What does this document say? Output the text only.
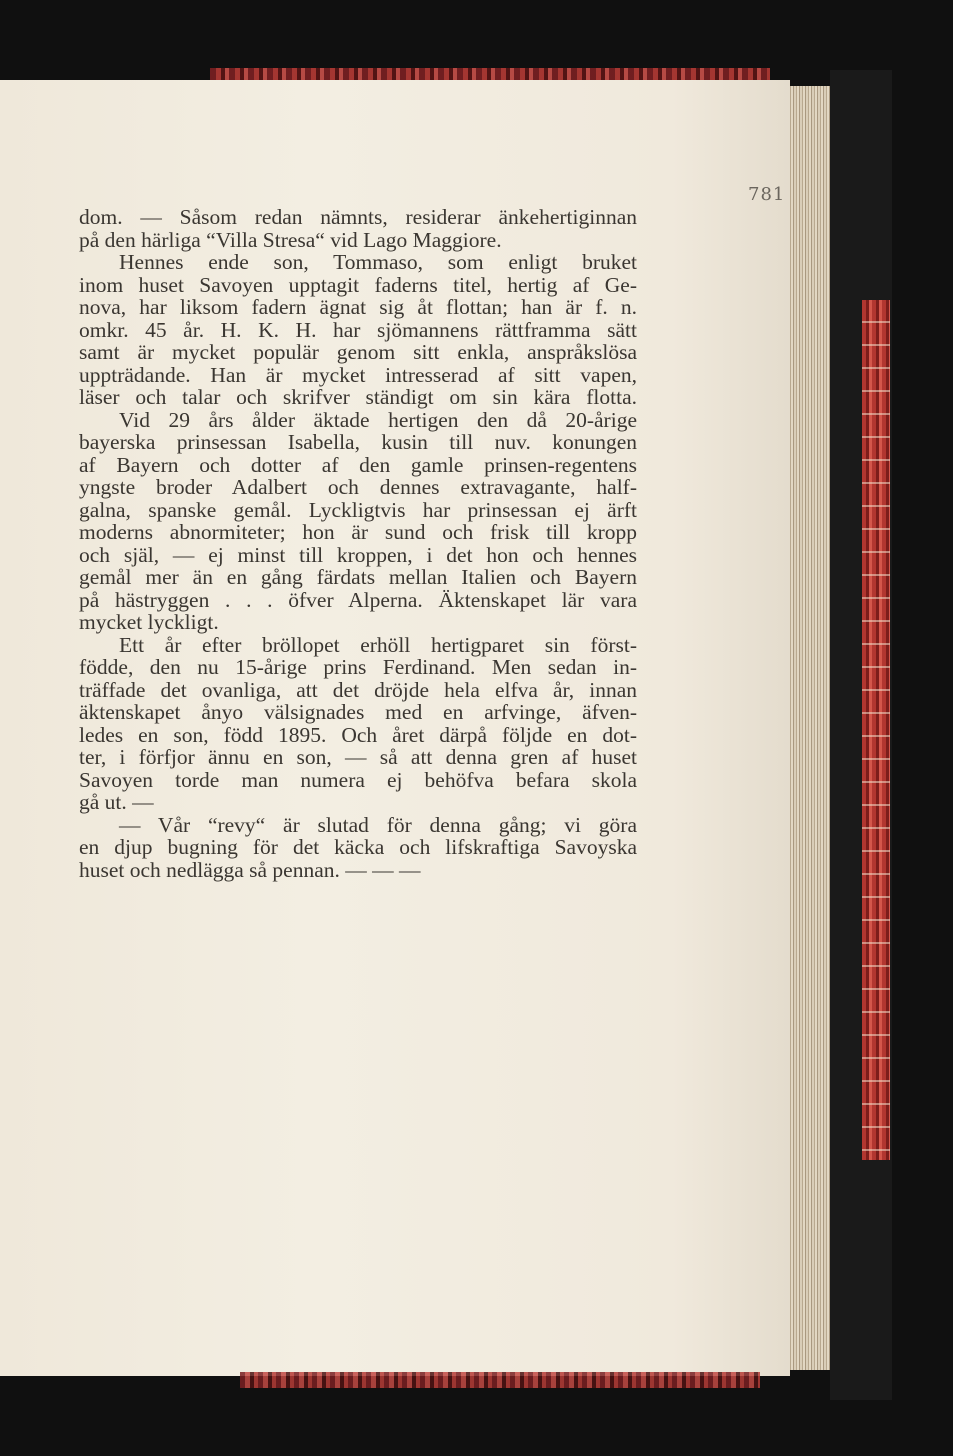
781
dom. — Såsom redan nämnts, residerar änkehertiginnan
på den härliga “Villa Stresa“ vid Lago Maggiore.
Hennes ende son, Tommaso, som enligt bruket
inom huset Savoyen upptagit faderns titel, hertig af Ge-
nova, har liksom fadern ägnat sig åt flottan; han är f. n.
omkr. 45 år. H. K. H. har sjömannens rättframma sätt
samt är mycket populär genom sitt enkla, anspråkslösa
uppträdande. Han är mycket intresserad af sitt vapen,
läser och talar och skrifver ständigt om sin kära flotta.
Vid 29 års ålder äktade hertigen den då 20-årige
bayerska prinsessan Isabella, kusin till nuv. konungen
af Bayern och dotter af den gamle prinsen-regentens
yngste broder Adalbert och dennes extravagante, half-
galna, spanske gemål. Lyckligtvis har prinsessan ej ärft
moderns abnormiteter; hon är sund och frisk till kropp
och själ, — ej minst till kroppen, i det hon och hennes
gemål mer än en gång färdats mellan Italien och Bayern
på hästryggen . . . öfver Alperna. Äktenskapet lär vara
mycket lyckligt.
Ett år efter bröllopet erhöll hertigparet sin först-
födde, den nu 15-årige prins Ferdinand. Men sedan in-
träffade det ovanliga, att det dröjde hela elfva år, innan
äktenskapet ånyo välsignades med en arfvinge, äfven-
ledes en son, född 1895. Och året därpå följde en dot-
ter, i förfjor ännu en son, — så att denna gren af huset
Savoyen torde man numera ej behöfva befara skola
gå ut. —
— Vår “revy“ är slutad för denna gång; vi göra
en djup bugning för det käcka och lifskraftiga Savoyska
huset och nedlägga så pennan. — — —
